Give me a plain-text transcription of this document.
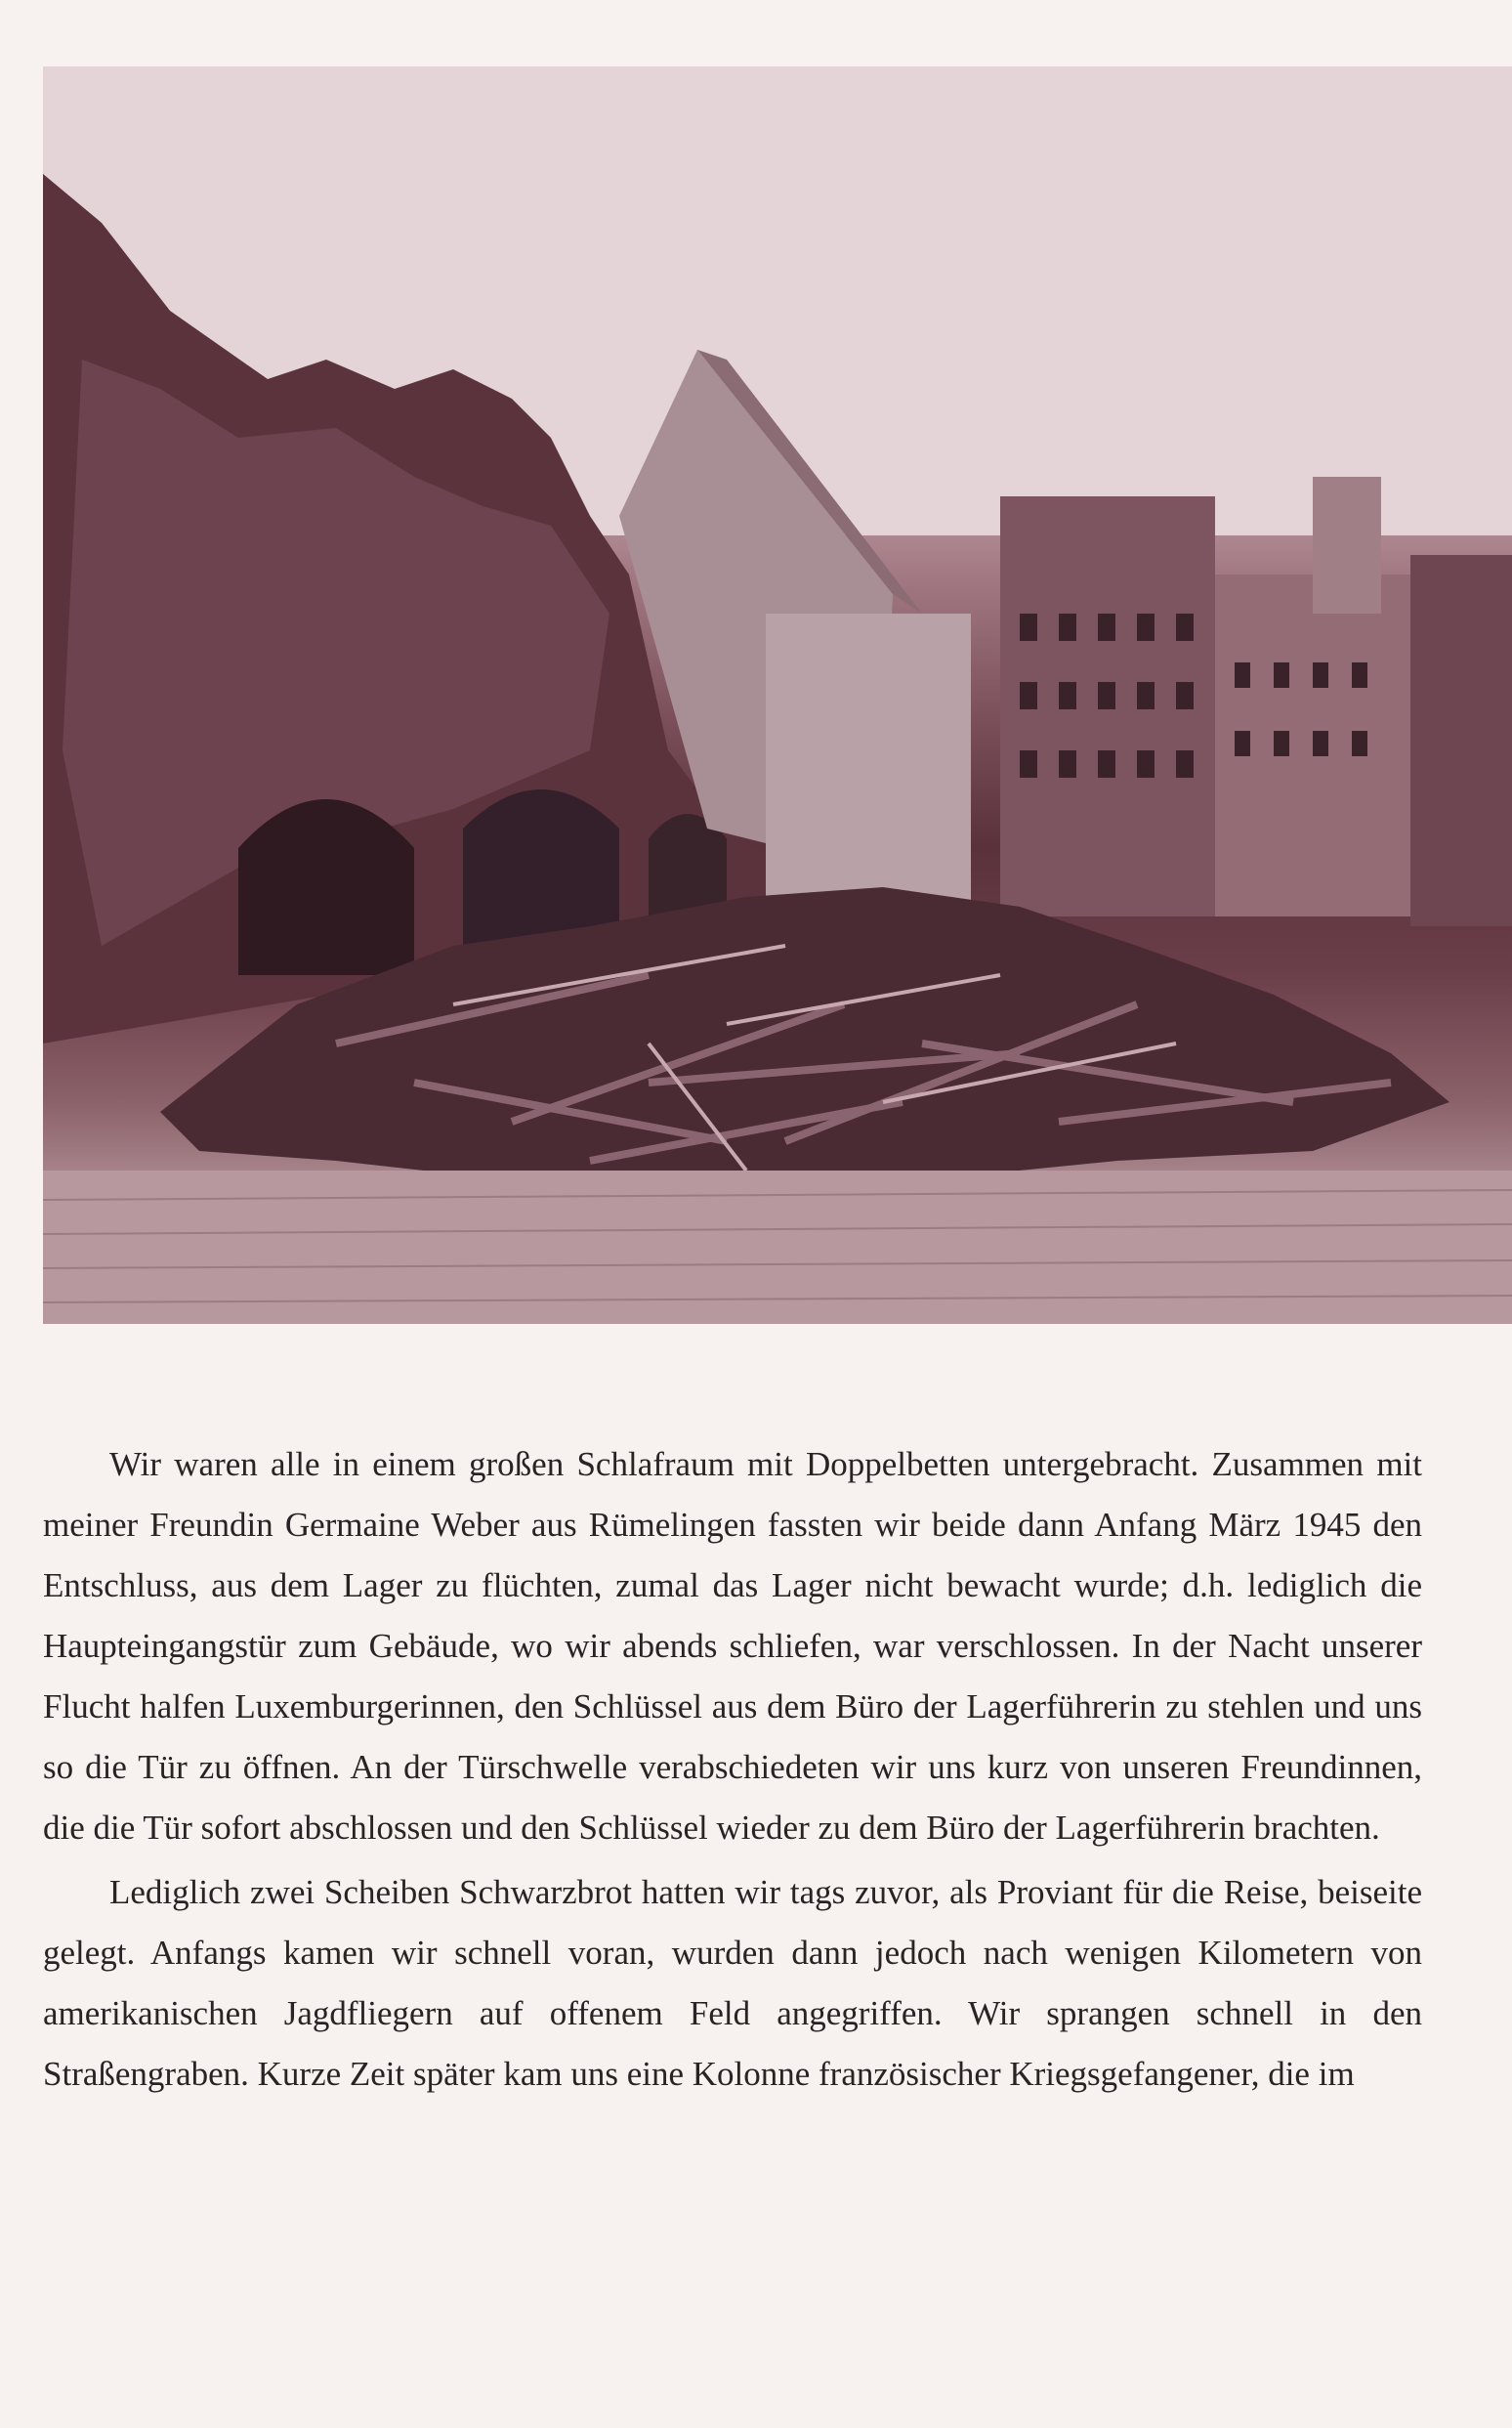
Wir waren alle in einem großen Schlafraum mit Doppelbetten untergebracht. Zusammen mit meiner Freundin Germaine Weber aus Rümelingen fassten wir beide dann Anfang März 1945 den Entschluss, aus dem Lager zu flüchten, zumal das Lager nicht bewacht wurde; d.h. lediglich die Haupteingangstür zum Gebäude, wo wir abends schliefen, war verschlossen. In der Nacht unserer Flucht halfen Luxemburgerinnen, den Schlüssel aus dem Büro der Lagerführerin zu stehlen und uns so die Tür zu öffnen. An der Türschwelle verabschiedeten wir uns kurz von unseren Freundinnen, die die Tür sofort abschlossen und den Schlüssel wieder zu dem Büro der Lagerführerin brachten.

Lediglich zwei Scheiben Schwarzbrot hatten wir tags zuvor, als Proviant für die Reise, beiseite gelegt. Anfangs kamen wir schnell voran, wurden dann jedoch nach wenigen Kilometern von amerikanischen Jagdfliegern auf offenem Feld angegriffen. Wir sprangen schnell in den Straßengraben. Kurze Zeit später kam uns eine Kolonne französischer Kriegsgefangener, die im
